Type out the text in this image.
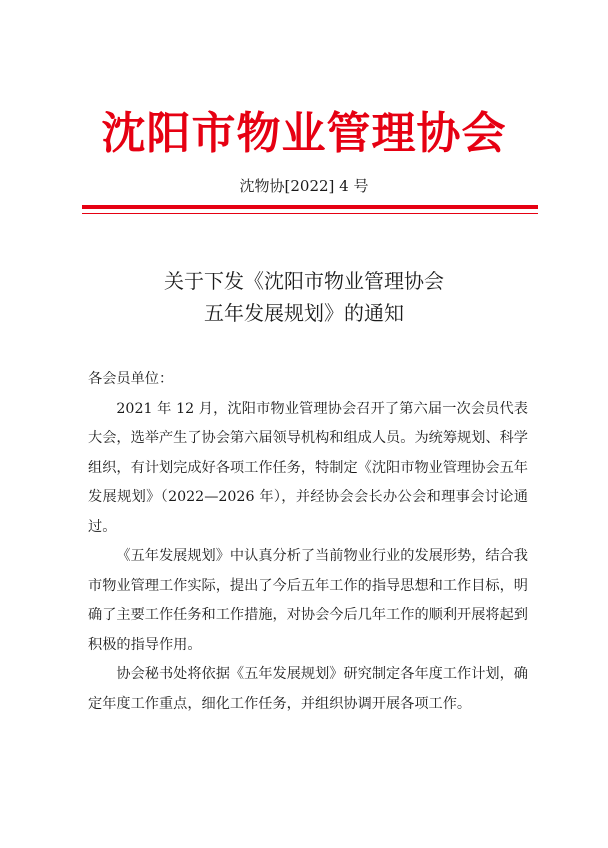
沈阳市物业管理协会
沈物协[2022] 4 号
关于下发《沈阳市物业管理协会
五年发展规划》的通知

各会员单位：

2021 年 12 月，沈阳市物业管理协会召开了第六届一次会员代表大会，选举产生了协会第六届领导机构和组成人员。为统筹规划、科学组织，有计划完成好各项工作任务，特制定《沈阳市物业管理协会五年发展规划》（2022—2026 年），并经协会会长办公会和理事会讨论通过。

《五年发展规划》中认真分析了当前物业行业的发展形势，结合我市物业管理工作实际，提出了今后五年工作的指导思想和工作目标，明确了主要工作任务和工作措施，对协会今后几年工作的顺利开展将起到积极的指导作用。

协会秘书处将依据《五年发展规划》研究制定各年度工作计划，确定年度工作重点，细化工作任务，并组织协调开展各项工作。
